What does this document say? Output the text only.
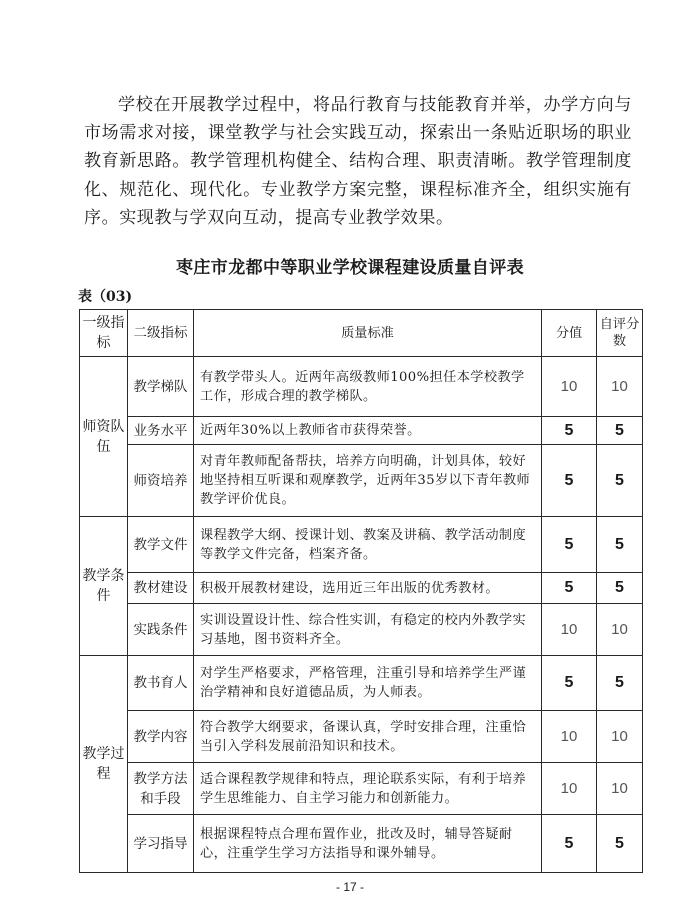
学校在开展教学过程中，将品行教育与技能教育并举，办学方向与市场需求对接，课堂教学与社会实践互动，探索出一条贴近职场的职业教育新思路。教学管理机构健全、结构合理、职责清晰。教学管理制度化、规范化、现代化。专业教学方案完整，课程标准齐全，组织实施有序。实现教与学双向互动，提高专业教学效果。

枣庄市龙都中等职业学校课程建设质量自评表
表（03)
一级指标	二级指标	质量标准	分值	自评分数
师资队伍	教学梯队	有教学带头人。近两年高级教师100%担任本学校教学工作，形成合理的教学梯队。	10	10
	业务水平	近两年30%以上教师省市获得荣誉。	5	5
	师资培养	对青年教师配备帮扶，培养方向明确，计划具体，较好地坚持相互听课和观摩教学，近两年35岁以下青年教师教学评价优良。	5	5
教学条件	教学文件	课程教学大纲、授课计划、教案及讲稿、教学活动制度等教学文件完备，档案齐备。	5	5
	教材建设	积极开展教材建设，选用近三年出版的优秀教材。	5	5
	实践条件	实训设置设计性、综合性实训，有稳定的校内外教学实习基地，图书资料齐全。	10	10
教学过程	教书育人	对学生严格要求，严格管理，注重引导和培养学生严谨治学精神和良好道德品质，为人师表。	5	5
	教学内容	符合教学大纲要求，备课认真，学时安排合理，注重恰当引入学科发展前沿知识和技术。	10	10
	教学方法和手段	适合课程教学规律和特点，理论联系实际，有利于培养学生思维能力、自主学习能力和创新能力。	10	10
	学习指导	根据课程特点合理布置作业，批改及时，辅导答疑耐心，注重学生学习方法指导和课外辅导。	5	5
- 17 -
